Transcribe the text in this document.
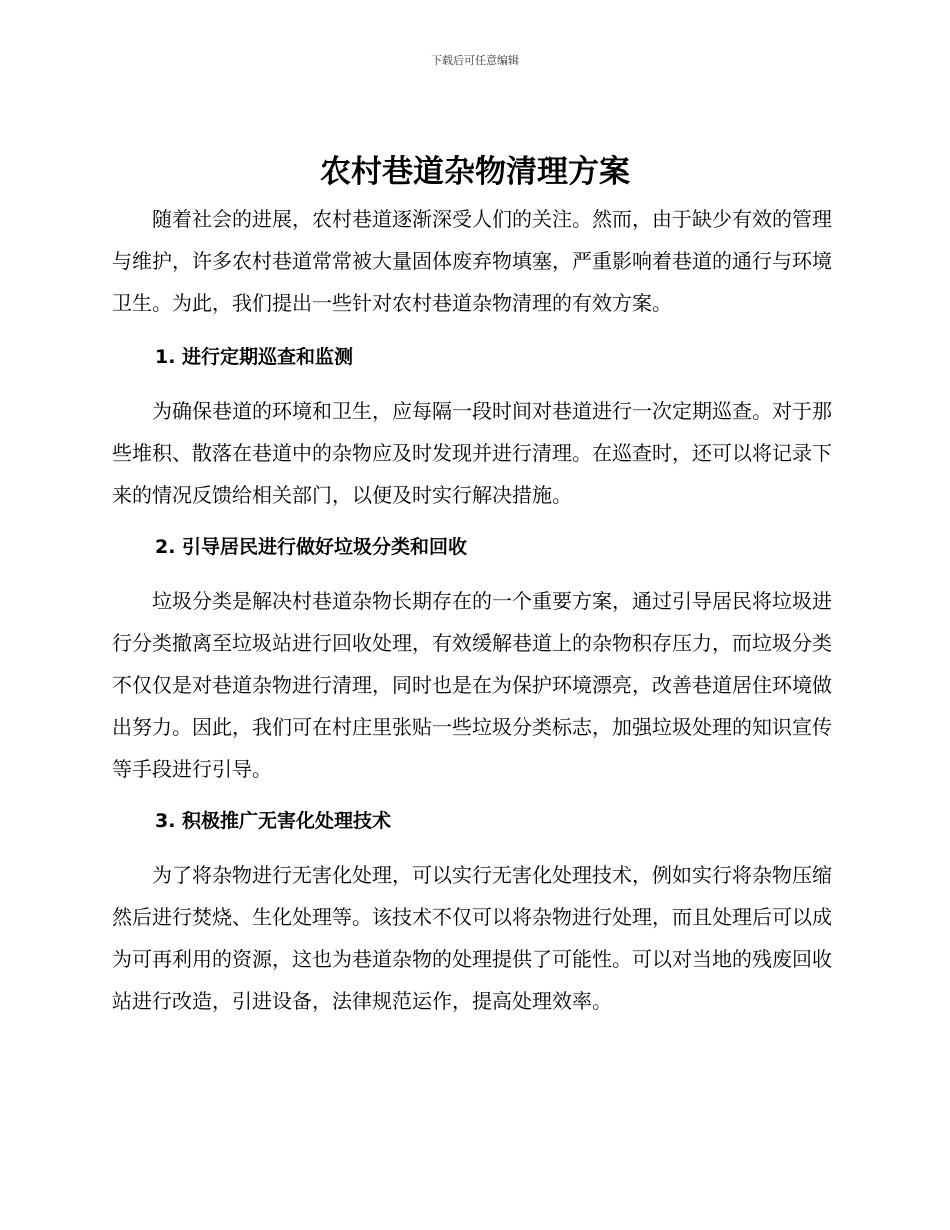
下载后可任意编辑
农村巷道杂物清理方案

随着社会的进展，农村巷道逐渐深受人们的关注。然而，由于缺少有效的管理与维护，许多农村巷道常常被大量固体废弃物填塞，严重影响着巷道的通行与环境卫生。为此，我们提出一些针对农村巷道杂物清理的有效方案。

1. 进行定期巡查和监测

为确保巷道的环境和卫生，应每隔一段时间对巷道进行一次定期巡查。对于那些堆积、散落在巷道中的杂物应及时发现并进行清理。在巡查时，还可以将记录下来的情况反馈给相关部门，以便及时实行解决措施。

2. 引导居民进行做好垃圾分类和回收

垃圾分类是解决村巷道杂物长期存在的一个重要方案，通过引导居民将垃圾进行分类撤离至垃圾站进行回收处理，有效缓解巷道上的杂物积存压力，而垃圾分类不仅仅是对巷道杂物进行清理，同时也是在为保护环境漂亮，改善巷道居住环境做出努力。因此，我们可在村庄里张贴一些垃圾分类标志，加强垃圾处理的知识宣传等手段进行引导。

3. 积极推广无害化处理技术

为了将杂物进行无害化处理，可以实行无害化处理技术，例如实行将杂物压缩然后进行焚烧、生化处理等。该技术不仅可以将杂物进行处理，而且处理后可以成为可再利用的资源，这也为巷道杂物的处理提供了可能性。可以对当地的残废回收站进行改造，引进设备，法律规范运作，提高处理效率。
